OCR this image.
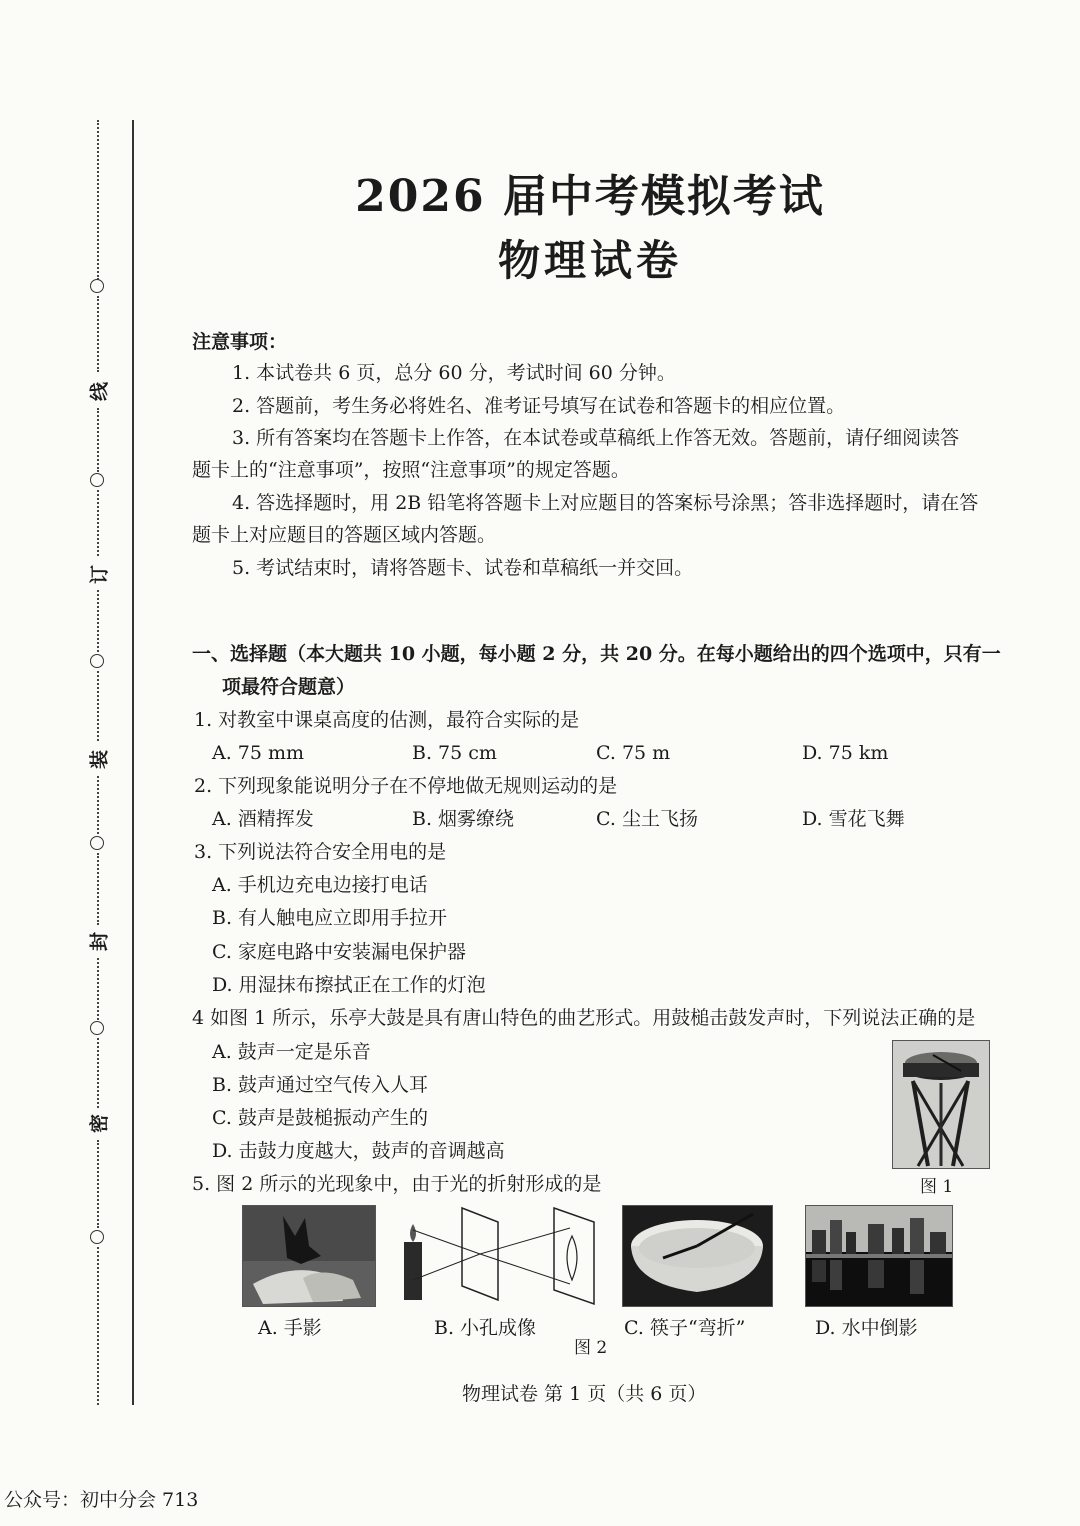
线
订
装
封
密
2026 届中考模拟考试
物理试卷
注意事项：
1. 本试卷共 6 页，总分 60 分，考试时间 60 分钟。
2. 答题前，考生务必将姓名、准考证号填写在试卷和答题卡的相应位置。
3. 所有答案均在答题卡上作答，在本试卷或草稿纸上作答无效。答题前，请仔细阅读答
题卡上的“注意事项”，按照“注意事项”的规定答题。
4. 答选择题时，用 2B 铅笔将答题卡上对应题目的答案标号涂黑；答非选择题时，请在答
题卡上对应题目的答题区域内答题。
5. 考试结束时，请将答题卡、试卷和草稿纸一并交回。
一、选择题（本大题共 10 小题，每小题 2 分，共 20 分。在每小题给出的四个选项中，只有一
项最符合题意）
1. 对教室中课桌高度的估测，最符合实际的是
A. 75 mm	B. 75 cm	C. 75 m	D. 75 km
2. 下列现象能说明分子在不停地做无规则运动的是
A. 酒精挥发	B. 烟雾缭绕	C. 尘土飞扬	D. 雪花飞舞
3. 下列说法符合安全用电的是
A. 手机边充电边接打电话
B. 有人触电应立即用手拉开
C. 家庭电路中安装漏电保护器
D. 用湿抹布擦拭正在工作的灯泡
4 如图 1 所示，乐亭大鼓是具有唐山特色的曲艺形式。用鼓槌击鼓发声时，下列说法正确的是
A. 鼓声一定是乐音
B. 鼓声通过空气传入人耳
C. 鼓声是鼓槌振动产生的
D. 击鼓力度越大，鼓声的音调越高
图 1
5. 图 2 所示的光现象中，由于光的折射形成的是
A. 手影	B. 小孔成像	C. 筷子“弯折”	D. 水中倒影
图 2
物理试卷 第 1 页（共 6 页）
公众号：初中分会 713
